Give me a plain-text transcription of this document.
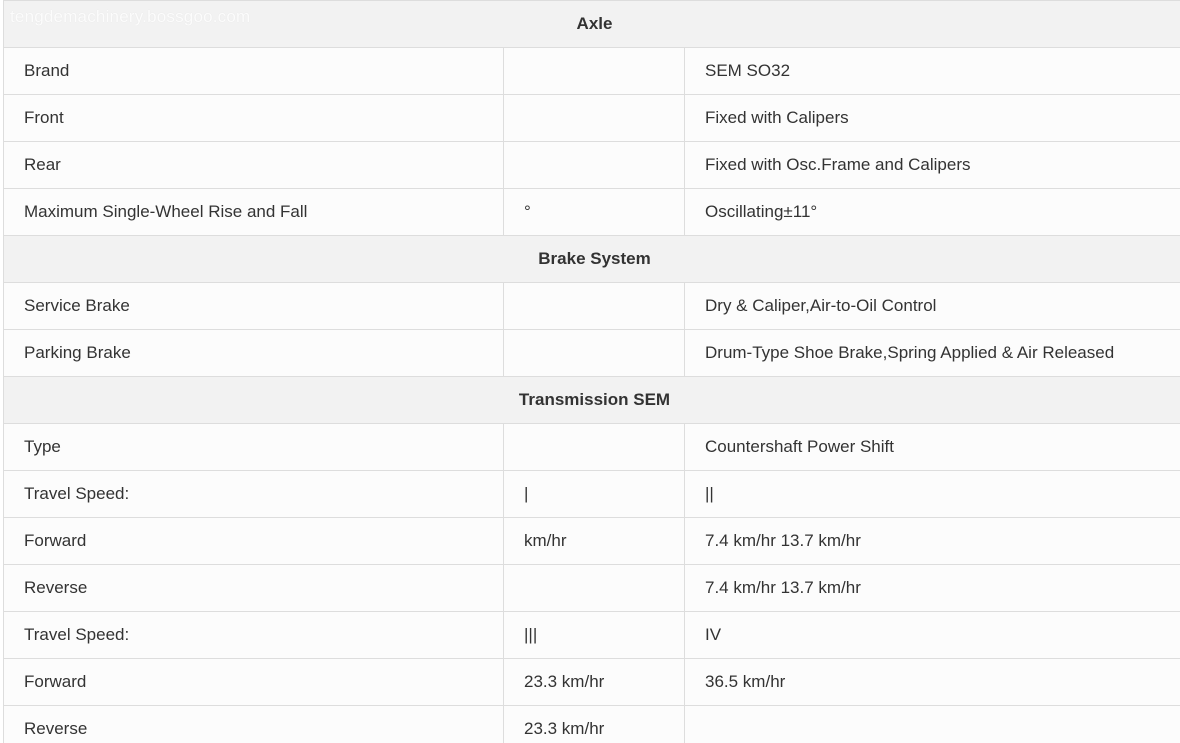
tengdemachinery.bossgoo.com	Axle		
Brand		SEM SO32
Front		Fixed with Calipers
Rear		Fixed with Osc.Frame and Calipers
Maximum Single-Wheel Rise and Fall	°	Oscillating±11°
Brake System		
Service Brake		Dry & Caliper,Air-to-Oil Control
Parking Brake		Drum-Type Shoe Brake,Spring Applied & Air Released
Transmission SEM		
Type		Countershaft Power Shift
Travel Speed:	|	||
Forward	km/hr	7.4 km/hr 13.7 km/hr
Reverse		7.4 km/hr 13.7 km/hr
Travel Speed:	|||	IV
Forward	23.3 km/hr	36.5 km/hr
Reverse	23.3 km/hr	
